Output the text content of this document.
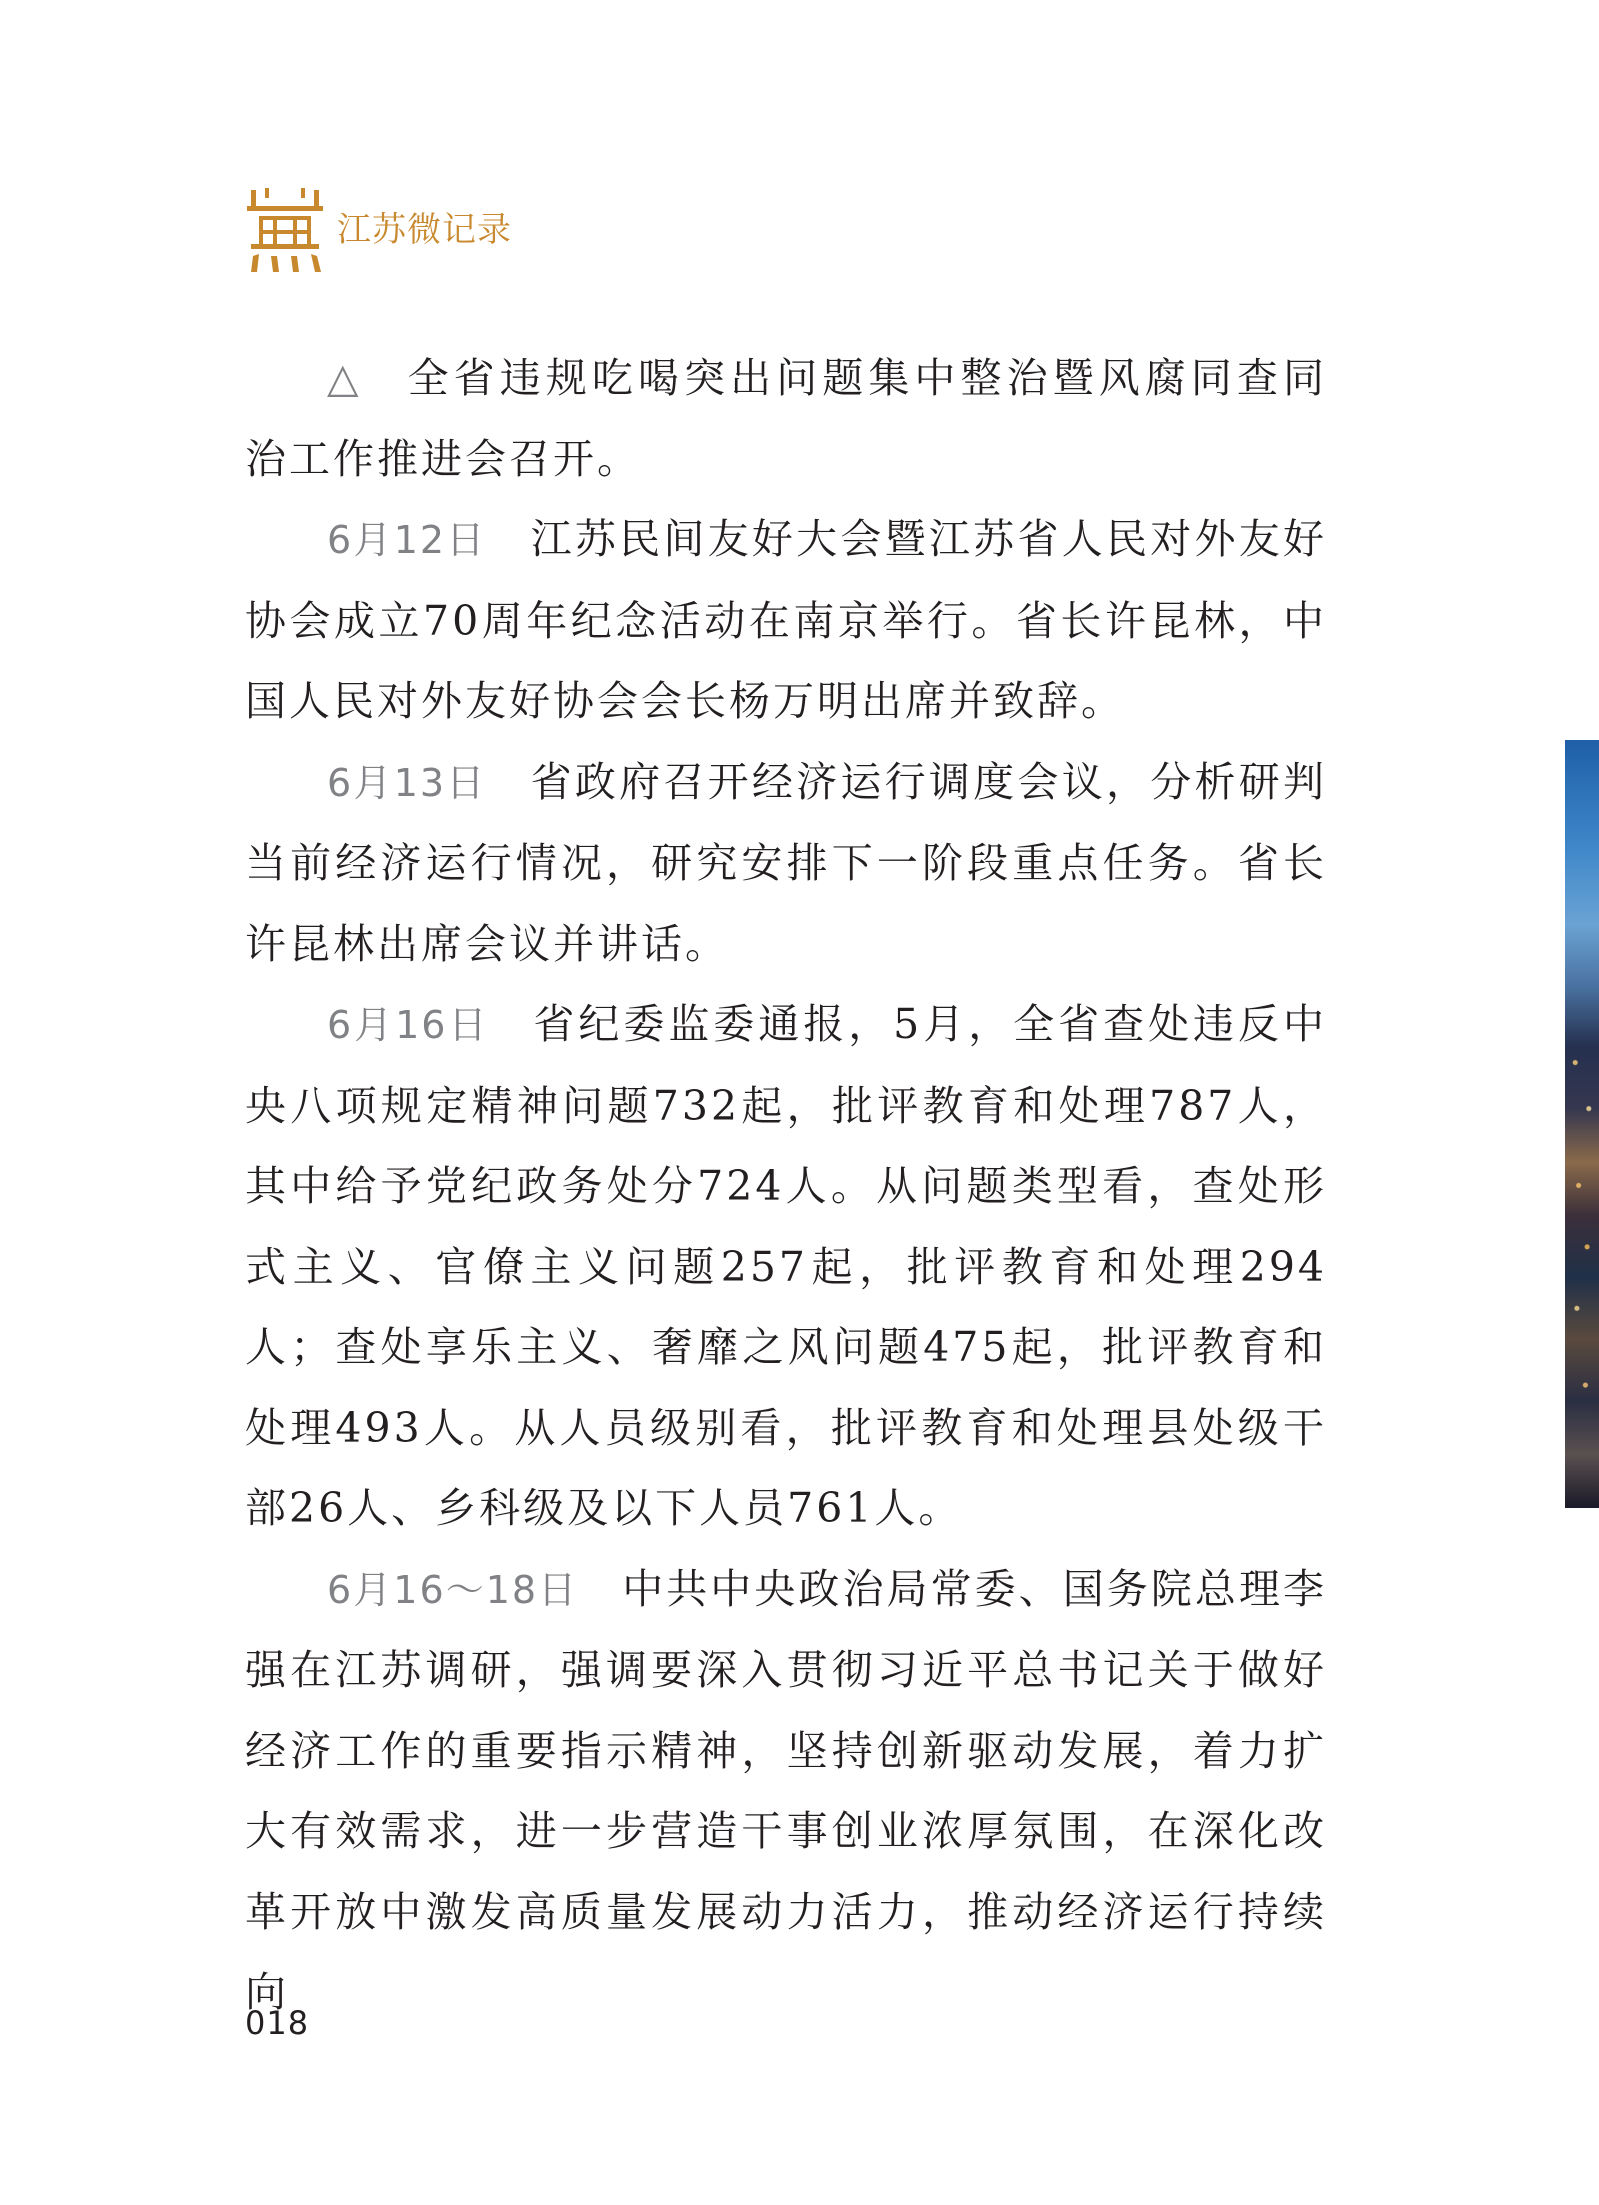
江苏微记录

△ 全省违规吃喝突出问题集中整治暨风腐同查同治工作推进会召开。

6月12日 江苏民间友好大会暨江苏省人民对外友好协会成立70周年纪念活动在南京举行。省长许昆林，中国人民对外友好协会会长杨万明出席并致辞。

6月13日 省政府召开经济运行调度会议，分析研判当前经济运行情况，研究安排下一阶段重点任务。省长许昆林出席会议并讲话。

6月16日 省纪委监委通报，5月，全省查处违反中央八项规定精神问题732起，批评教育和处理787人，其中给予党纪政务处分724人。从问题类型看，查处形式主义、官僚主义问题257起，批评教育和处理294人；查处享乐主义、奢靡之风问题475起，批评教育和处理493人。从人员级别看，批评教育和处理县处级干部26人、乡科级及以下人员761人。

6月16～18日 中共中央政治局常委、国务院总理李强在江苏调研，强调要深入贯彻习近平总书记关于做好经济工作的重要指示精神，坚持创新驱动发展，着力扩大有效需求，进一步营造干事创业浓厚氛围，在深化改革开放中激发高质量发展动力活力，推动经济运行持续向

018
